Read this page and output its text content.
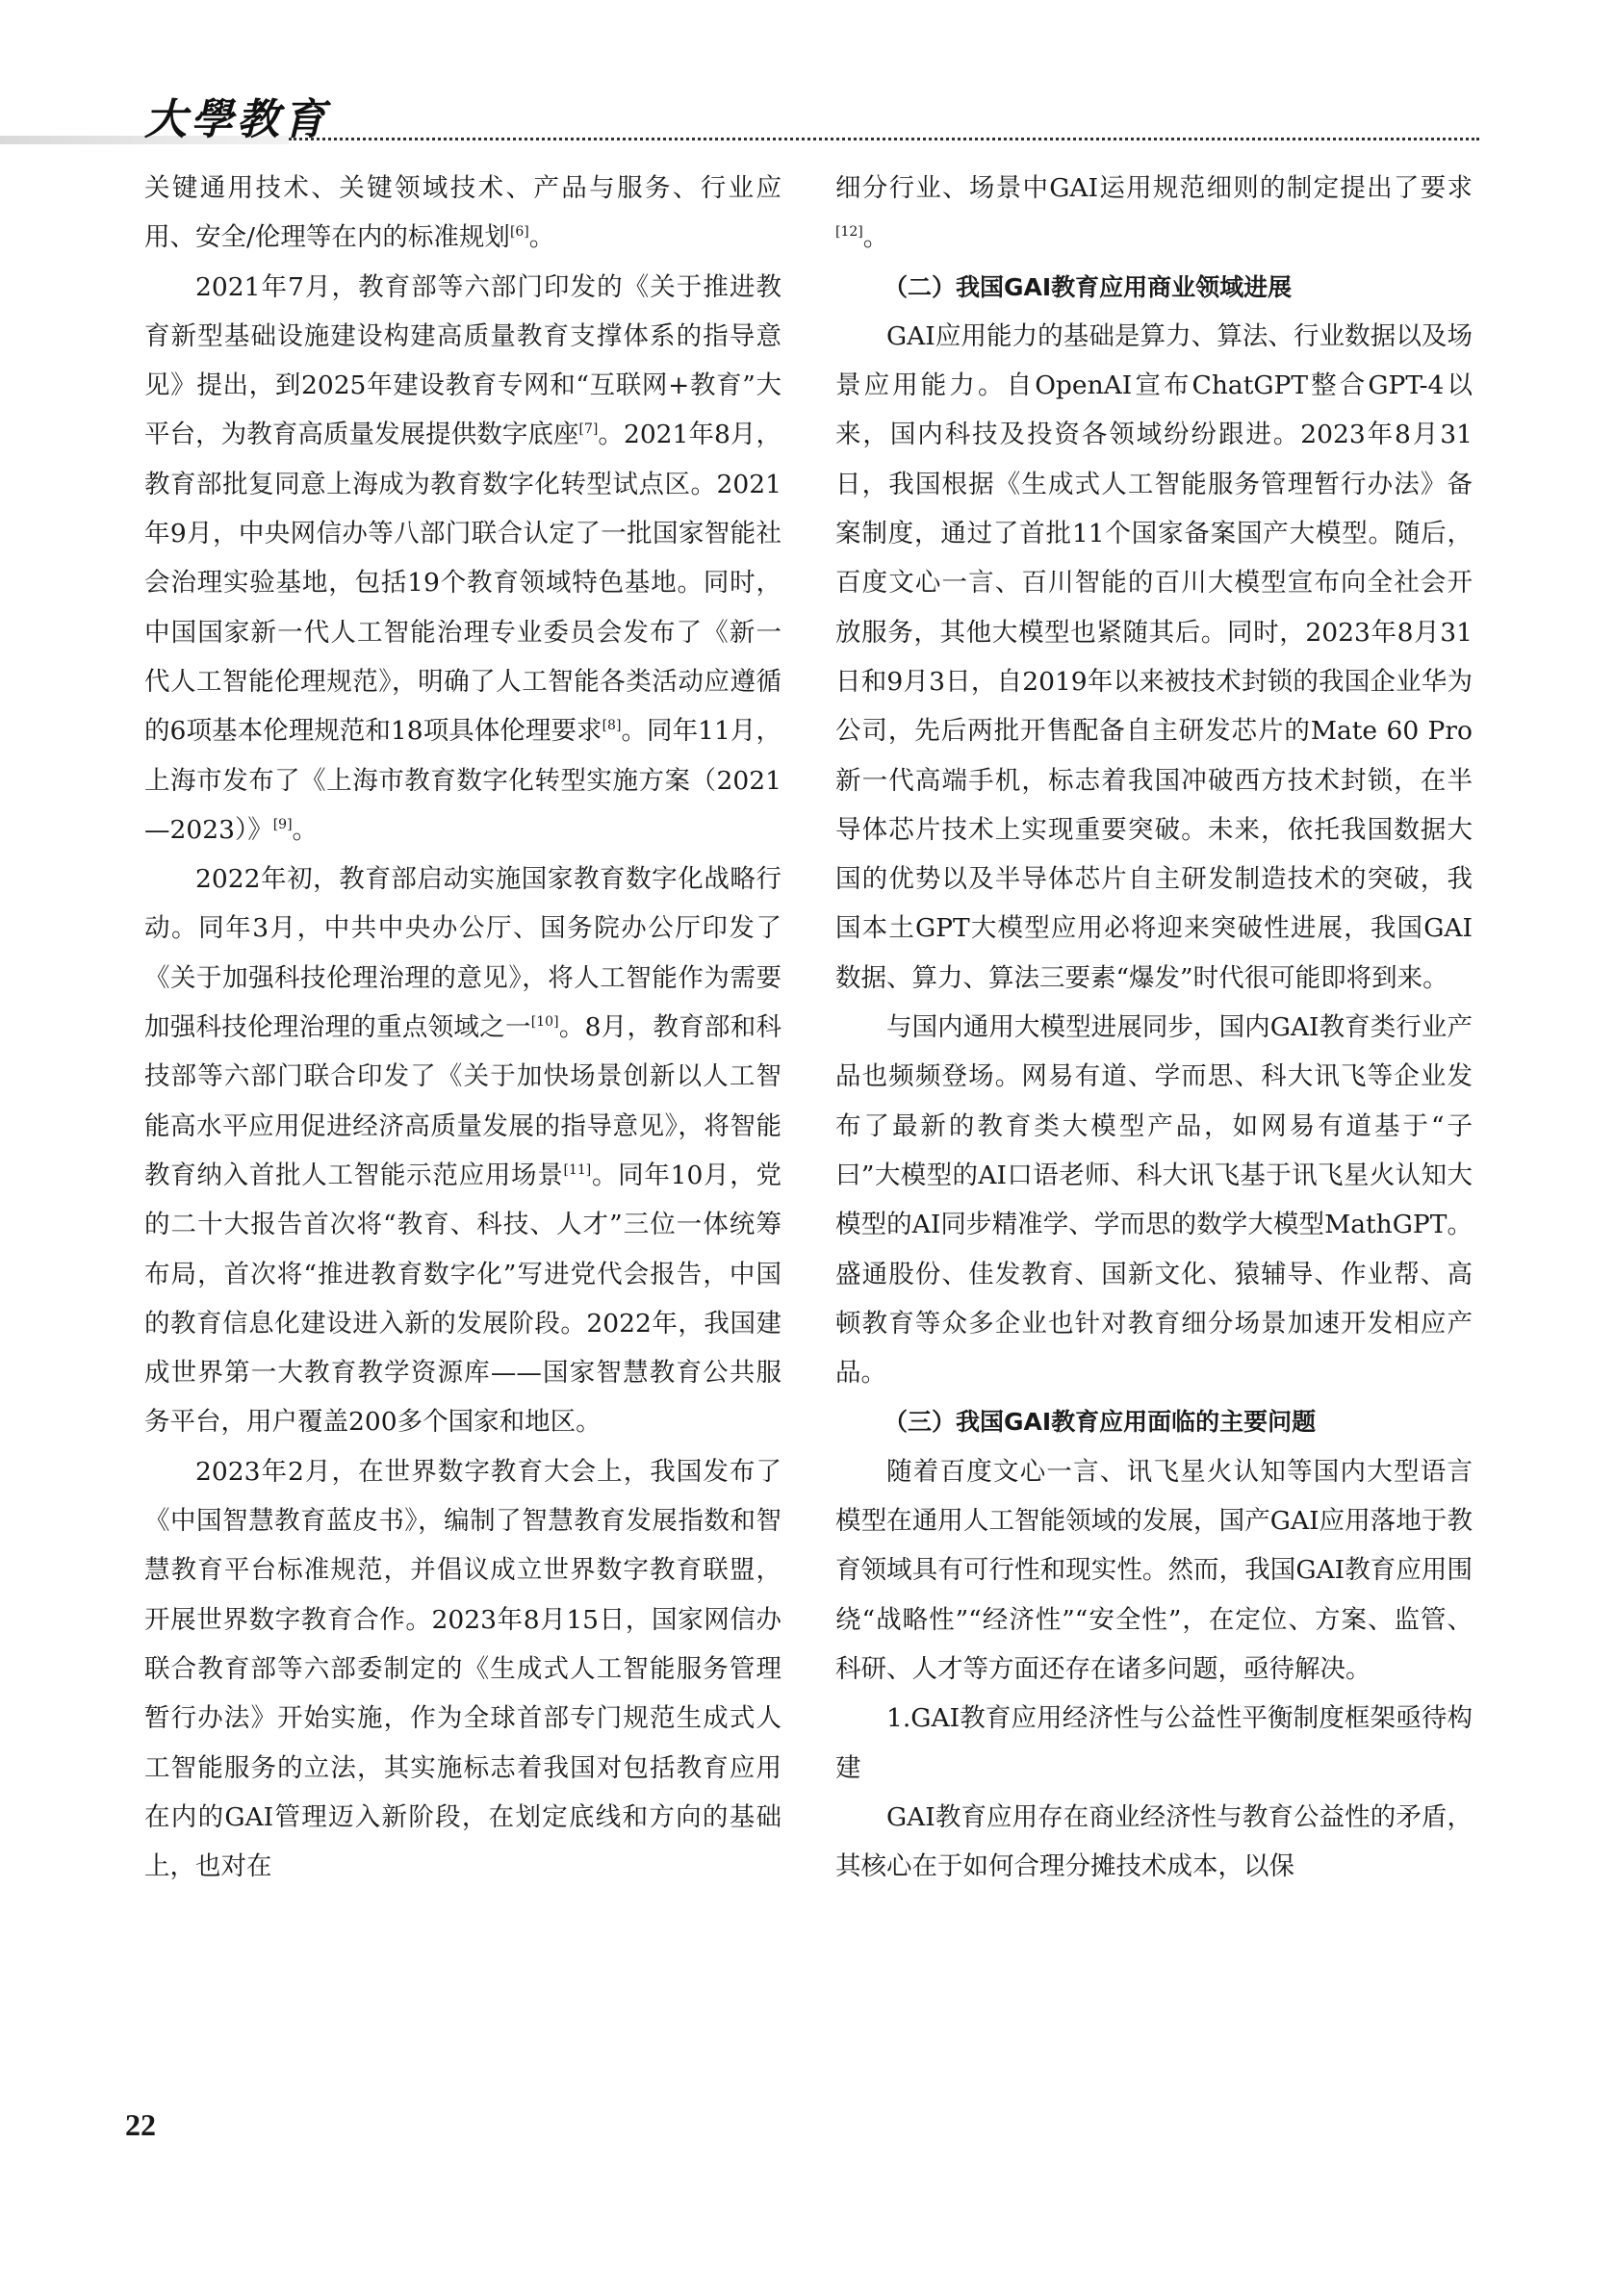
大學教育

关键通用技术、关键领域技术、产品与服务、行业应用、安全/伦理等在内的标准规划[6]。

2021年7月，教育部等六部门印发的《关于推进教育新型基础设施建设构建高质量教育支撑体系的指导意见》提出，到2025年建设教育专网和“互联网+教育”大平台，为教育高质量发展提供数字底座[7]。2021年8月，教育部批复同意上海成为教育数字化转型试点区。2021年9月，中央网信办等八部门联合认定了一批国家智能社会治理实验基地，包括19个教育领域特色基地。同时，中国国家新一代人工智能治理专业委员会发布了《新一代人工智能伦理规范》，明确了人工智能各类活动应遵循的6项基本伦理规范和18项具体伦理要求[8]。同年11月，上海市发布了《上海市教育数字化转型实施方案（2021—2023）》[9]。

2022年初，教育部启动实施国家教育数字化战略行动。同年3月，中共中央办公厅、国务院办公厅印发了《关于加强科技伦理治理的意见》，将人工智能作为需要加强科技伦理治理的重点领域之一[10]。8月，教育部和科技部等六部门联合印发了《关于加快场景创新以人工智能高水平应用促进经济高质量发展的指导意见》，将智能教育纳入首批人工智能示范应用场景[11]。同年10月，党的二十大报告首次将“教育、科技、人才”三位一体统筹布局，首次将“推进教育数字化”写进党代会报告，中国的教育信息化建设进入新的发展阶段。2022年，我国建成世界第一大教育教学资源库——国家智慧教育公共服务平台，用户覆盖200多个国家和地区。

2023年2月，在世界数字教育大会上，我国发布了《中国智慧教育蓝皮书》，编制了智慧教育发展指数和智慧教育平台标准规范，并倡议成立世界数字教育联盟，开展世界数字教育合作。2023年8月15日，国家网信办联合教育部等六部委制定的《生成式人工智能服务管理暂行办法》开始实施，作为全球首部专门规范生成式人工智能服务的立法，其实施标志着我国对包括教育应用在内的GAI管理迈入新阶段，在划定底线和方向的基础上，也对在

细分行业、场景中GAI运用规范细则的制定提出了要求[12]。

（二）我国GAI教育应用商业领域进展

GAI应用能力的基础是算力、算法、行业数据以及场景应用能力。自OpenAI宣布ChatGPT整合GPT-4以来，国内科技及投资各领域纷纷跟进。2023年8月31日，我国根据《生成式人工智能服务管理暂行办法》备案制度，通过了首批11个国家备案国产大模型。随后，百度文心一言、百川智能的百川大模型宣布向全社会开放服务，其他大模型也紧随其后。同时，2023年8月31日和9月3日，自2019年以来被技术封锁的我国企业华为公司，先后两批开售配备自主研发芯片的Mate 60 Pro新一代高端手机，标志着我国冲破西方技术封锁，在半导体芯片技术上实现重要突破。未来，依托我国数据大国的优势以及半导体芯片自主研发制造技术的突破，我国本土GPT大模型应用必将迎来突破性进展，我国GAI数据、算力、算法三要素“爆发”时代很可能即将到来。

与国内通用大模型进展同步，国内GAI教育类行业产品也频频登场。网易有道、学而思、科大讯飞等企业发布了最新的教育类大模型产品，如网易有道基于“子曰”大模型的AI口语老师、科大讯飞基于讯飞星火认知大模型的AI同步精准学、学而思的数学大模型MathGPT。盛通股份、佳发教育、国新文化、猿辅导、作业帮、高顿教育等众多企业也针对教育细分场景加速开发相应产品。

（三）我国GAI教育应用面临的主要问题

随着百度文心一言、讯飞星火认知等国内大型语言模型在通用人工智能领域的发展，国产GAI应用落地于教育领域具有可行性和现实性。然而，我国GAI教育应用围绕“战略性”“经济性”“安全性”，在定位、方案、监管、科研、人才等方面还存在诸多问题，亟待解决。

1.GAI教育应用经济性与公益性平衡制度框架亟待构建

GAI教育应用存在商业经济性与教育公益性的矛盾，其核心在于如何合理分摊技术成本，以保

22
